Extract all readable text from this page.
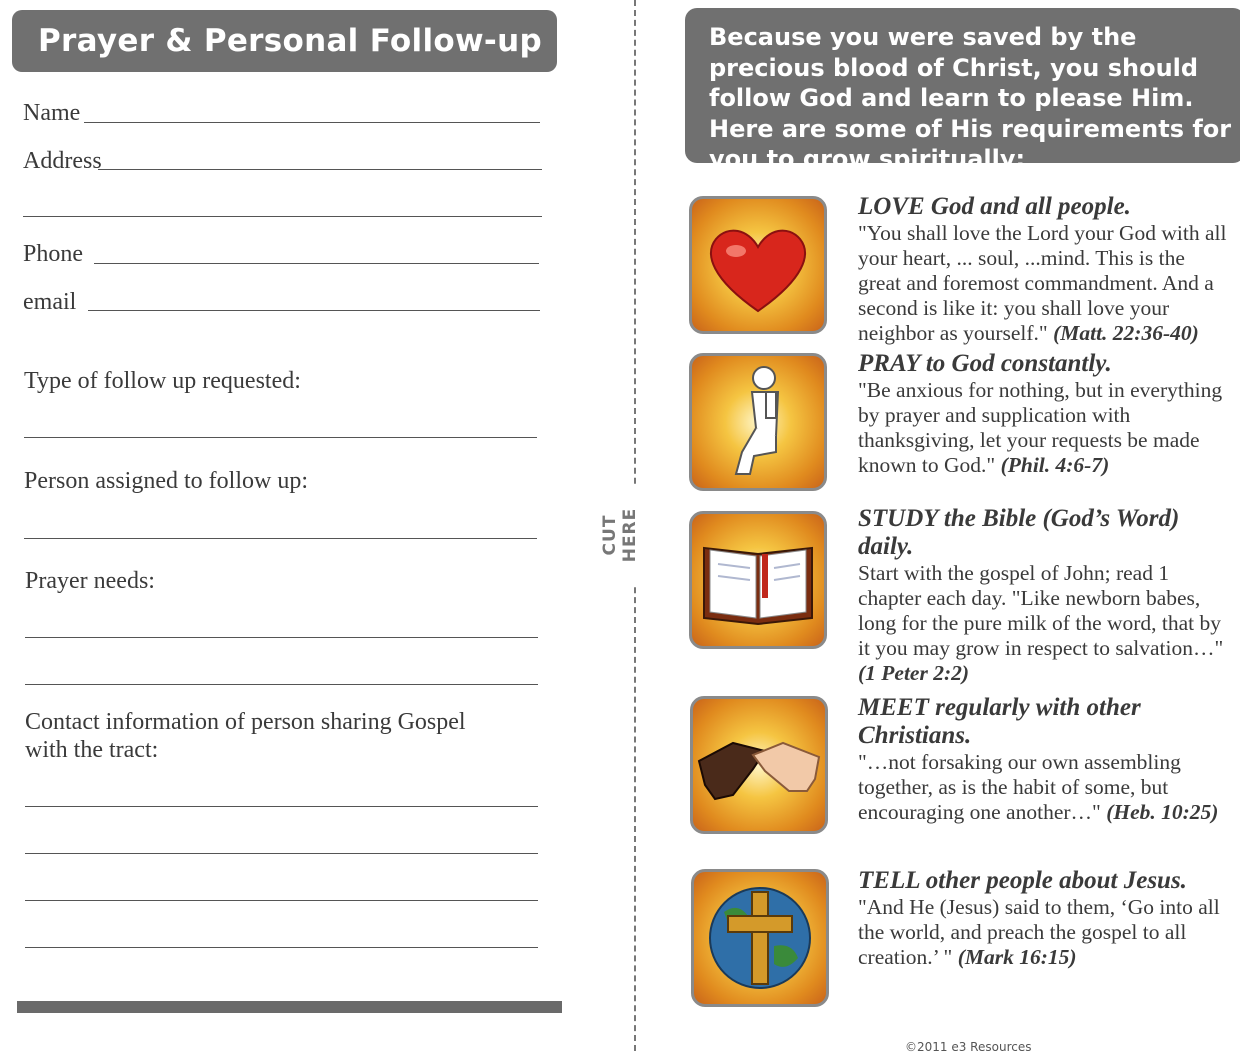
Prayer & Personal Follow-up
Name
Address
Phone
email
Type of follow up requested:
Person assigned to follow up:
Prayer needs:
Contact information of person sharing Gospel
with the tract:
CUT HERE
Because you were saved by the precious blood of Christ, you should follow God and learn to please Him. Here are some of His requirements for you to grow spiritually:
LOVE God and all people.
"You shall love the Lord your God with all your heart, ... soul, ...mind. This is the great and foremost commandment. And a second is like it: you shall love your neighbor as yourself." (Matt. 22:36-40)
PRAY to God constantly.
"Be anxious for nothing, but in everything by prayer and supplication with thanksgiving, let your requests be made known to God." (Phil. 4:6-7)
STUDY the Bible (God’s Word) daily.
Start with the gospel of John; read 1 chapter each day. "Like newborn babes, long for the pure milk of the word, that by it you may grow in respect to salvation…" (1 Peter 2:2)
MEET regularly with other Christians.
"…not forsaking our own assembling together, as is the habit of some, but encouraging one another…" (Heb. 10:25)
TELL other people about Jesus.
"And He (Jesus) said to them, ‘Go into all the world, and preach the gospel to all creation.’ " (Mark 16:15)
©2011 e3 Resources
